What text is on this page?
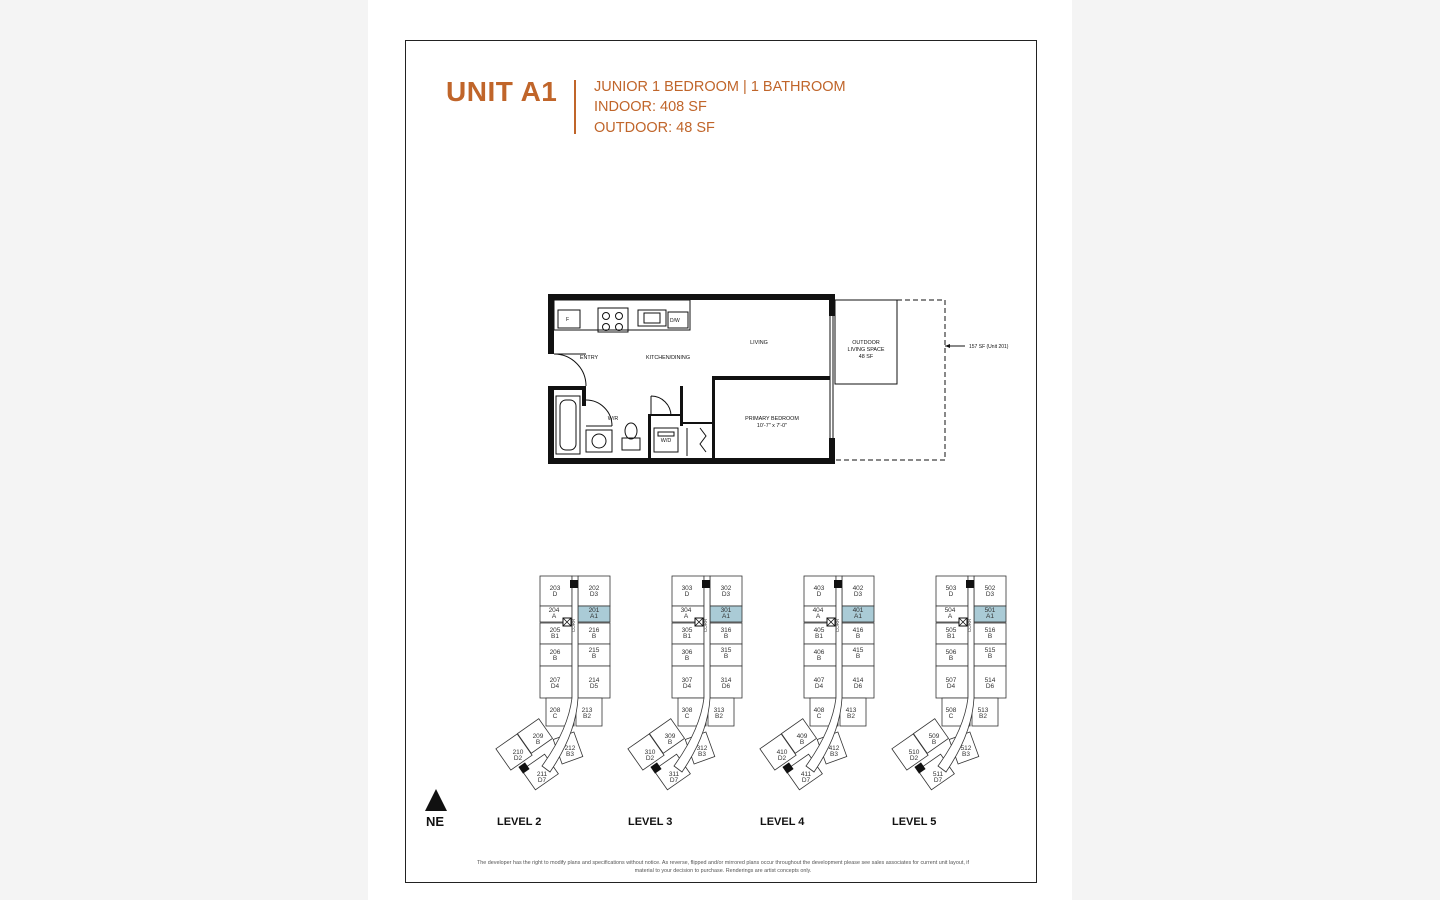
UNIT A1	JUNIOR 1 BEDROOM | 1 BATHROOM
INDOOR: 408 SF
OUTDOOR: 48 SF
F	D/W
ENTRY	KITCHEN/DINING
LIVING	OUTDOOR
LIVING SPACE
48 SF
W/R
W/D
PRIMARY BEDROOM
10'-7" x 7'-0"
157 SF (Unit 201)
CORR
203
D
202
D3
204
A
201
A1
205
B1
216
B
206
B
215
B
207
D4
214
D5
208
C
213
B2
209
B
212
B3
210
D2
211
D7
CORR
303
D
302
D3
304
A
301
A1
305
B1
316
B
306
B
315
B
307
D4
314
D6
308
C
313
B2
309
B
312
B3
310
D2
311
D7
CORR
403
D
402
D3
404
A
401
A1
405
B1
416
B
406
B
415
B
407
D4
414
D6
408
C
413
B2
409
B
412
B3
410
D2
411
D7
CORR
503
D
502
D3
504
A
501
A1
505
B1
516
B
506
B
515
B
507
D4
514
D6
508
C
513
B2
509
B
512
B3
510
D2
511
D7
NE	LEVEL 2	LEVEL 3	LEVEL 4	LEVEL 5
The developer has the right to modify plans and specifications without notice. As reverse, flipped and/or mirrored plans occur throughout the development please see sales associates for current unit layout, if material to your decision to purchase. Renderings are artist concepts only.
